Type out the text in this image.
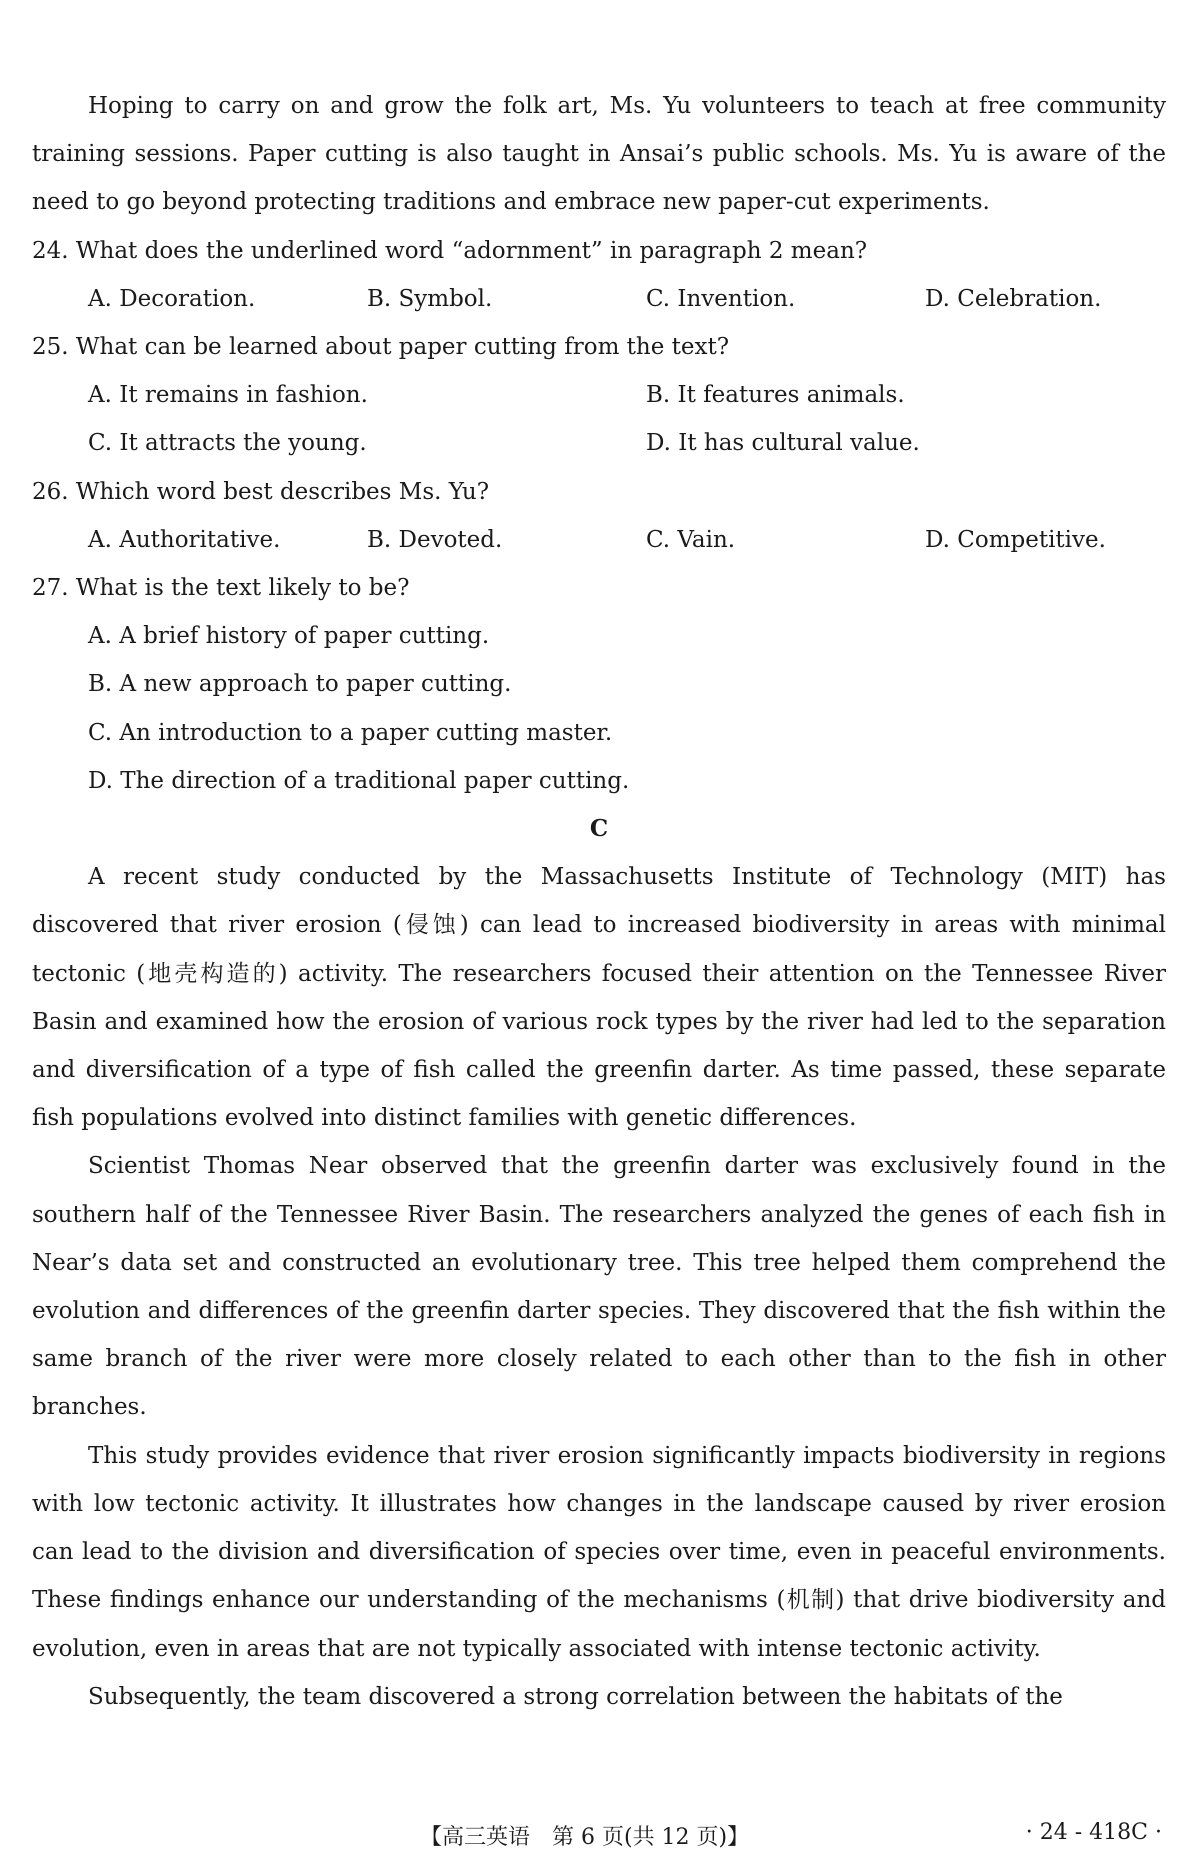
Hoping to carry on and grow the folk art, Ms. Yu volunteers to teach at free community training sessions. Paper cutting is also taught in Ansai’s public schools. Ms. Yu is aware of the need to go beyond protecting traditions and embrace new paper-cut experiments.

24. What does the underlined word “adornment” in paragraph 2 mean?

A. Decoration.	B. Symbol.	C. Invention.	D. Celebration.

25. What can be learned about paper cutting from the text?

A. It remains in fashion.	B. It features animals.
C. It attracts the young.	D. It has cultural value.

26. Which word best describes Ms. Yu?

A. Authoritative.	B. Devoted.	C. Vain.	D. Competitive.

27. What is the text likely to be?

A. A brief history of paper cutting.
B. A new approach to paper cutting.
C. An introduction to a paper cutting master.
D. The direction of a traditional paper cutting.

C

A recent study conducted by the Massachusetts Institute of Technology (MIT) has discovered that river erosion (侵蚀) can lead to increased biodiversity in areas with minimal tectonic (地壳构造的) activity. The researchers focused their attention on the Tennessee River Basin and examined how the erosion of various rock types by the river had led to the separation and diversification of a type of fish called the greenfin darter. As time passed, these separate fish populations evolved into distinct families with genetic differences.

Scientist Thomas Near observed that the greenfin darter was exclusively found in the southern half of the Tennessee River Basin. The researchers analyzed the genes of each fish in Near’s data set and constructed an evolutionary tree. This tree helped them comprehend the evolution and differences of the greenfin darter species. They discovered that the fish within the same branch of the river were more closely related to each other than to the fish in other branches.

This study provides evidence that river erosion significantly impacts biodiversity in regions with low tectonic activity. It illustrates how changes in the landscape caused by river erosion can lead to the division and diversification of species over time, even in peaceful environments. These findings enhance our understanding of the mechanisms (机制) that drive biodiversity and evolution, even in areas that are not typically associated with intense tectonic activity.

Subsequently, the team discovered a strong correlation between the habitats of the

【高三英语　第 6 页(共 12 页)】	· 24 - 418C ·
